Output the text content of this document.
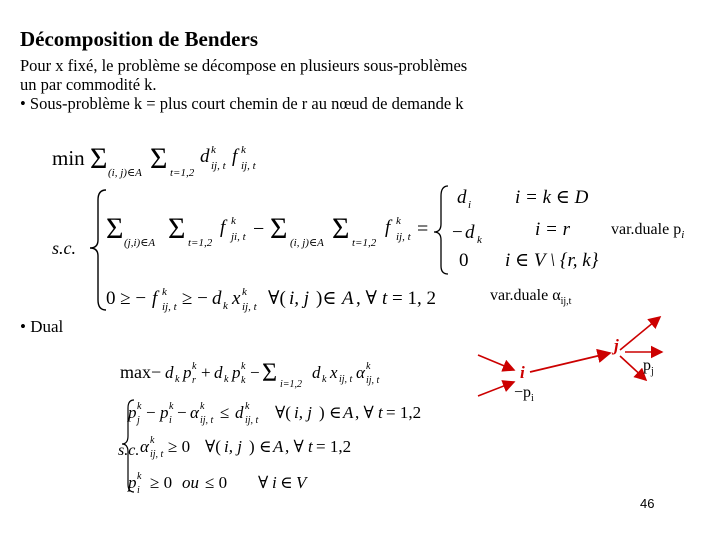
Décomposition de Benders
Pour x fixé, le problème se décompose en plusieurs sous-problèmes
un par commodité k.
• Sous-problème k = plus court chemin de r au nœud de demande k
min Σ (i, j)∈A Σ t=1,2
d k
ij, t f k
ij, t
s.c.
Σ (j,i)∈A Σ t=1,2
f k
ji, t − Σ (i, j)∈A Σ t=1,2
f k
ij, t =
d i
− d k
0
i = k ∈ D
i = r
i ∈ V \ {r, k}
0 ≥ − f k
ij, t ≥ − d k x k
ij, t ∀( i, j )∈ A , ∀ t = 1, 2
max− d k p k
r + d k p k
k − Σ i=1,2
d k x ij, t α k
ij, t
s.c.
p k
j − p k
i − α k
ij, t ≤ d k
ij, t ∀( i, j ) ∈ A , ∀ t = 1,2
α k
ij, t ≥ 0 ∀( i, j ) ∈ A , ∀ t = 1,2
p k
i ≥ 0 ou ≤ 0 ∀ i ∈ V
var.duale $p_i$
var.duale $\alpha_{ij,t}$
• Dual
i
j
$-p_i$
$p_j$
46
